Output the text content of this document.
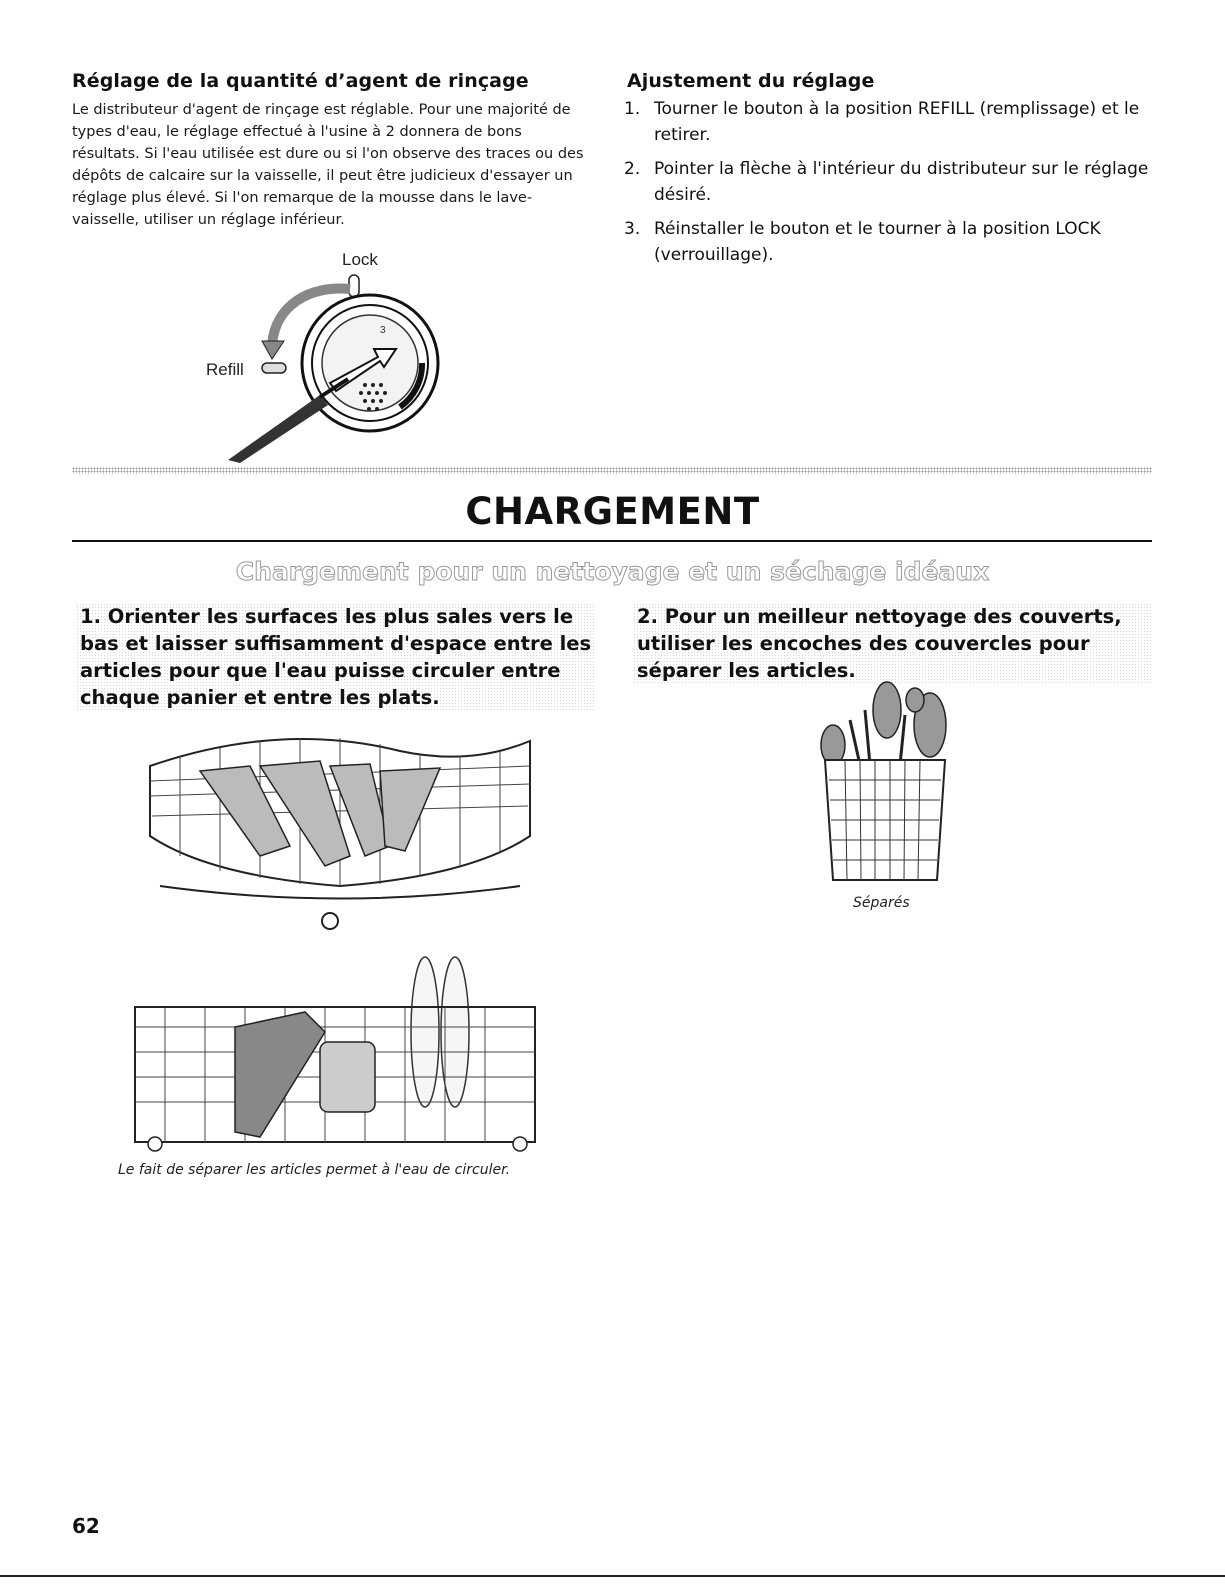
Réglage de la quantité d’agent de rinçage
Le distributeur d'agent de rinçage est réglable. Pour une majorité de types d'eau, le réglage effectué à l'usine à 2 donnera de bons résultats. Si l'eau utilisée est dure ou si l'on observe des traces ou des dépôts de calcaire sur la vaisselle, il peut être judicieux d'essayer un réglage plus élevé. Si l'on remarque de la mousse dans le lave-vaisselle, utiliser un réglage inférieur.
Lock
Refill
3
Ajustement du réglage
1. Tourner le bouton à la position REFILL (remplissage) et le retirer.
2. Pointer la flèche à l'intérieur du distributeur sur le réglage désiré.
3. Réinstaller le bouton et le tourner à la position LOCK (verrouillage).
CHARGEMENT
Chargement pour un nettoyage et un séchage idéaux
1. Orienter les surfaces les plus sales vers le bas et laisser suffisamment d'espace entre les articles pour que l'eau puisse circuler entre chaque panier et entre les plats.
2. Pour un meilleur nettoyage des couverts, utiliser les encoches des couvercles pour séparer les articles.
Le fait de séparer les articles permet à l'eau de circuler.
Séparés
62
